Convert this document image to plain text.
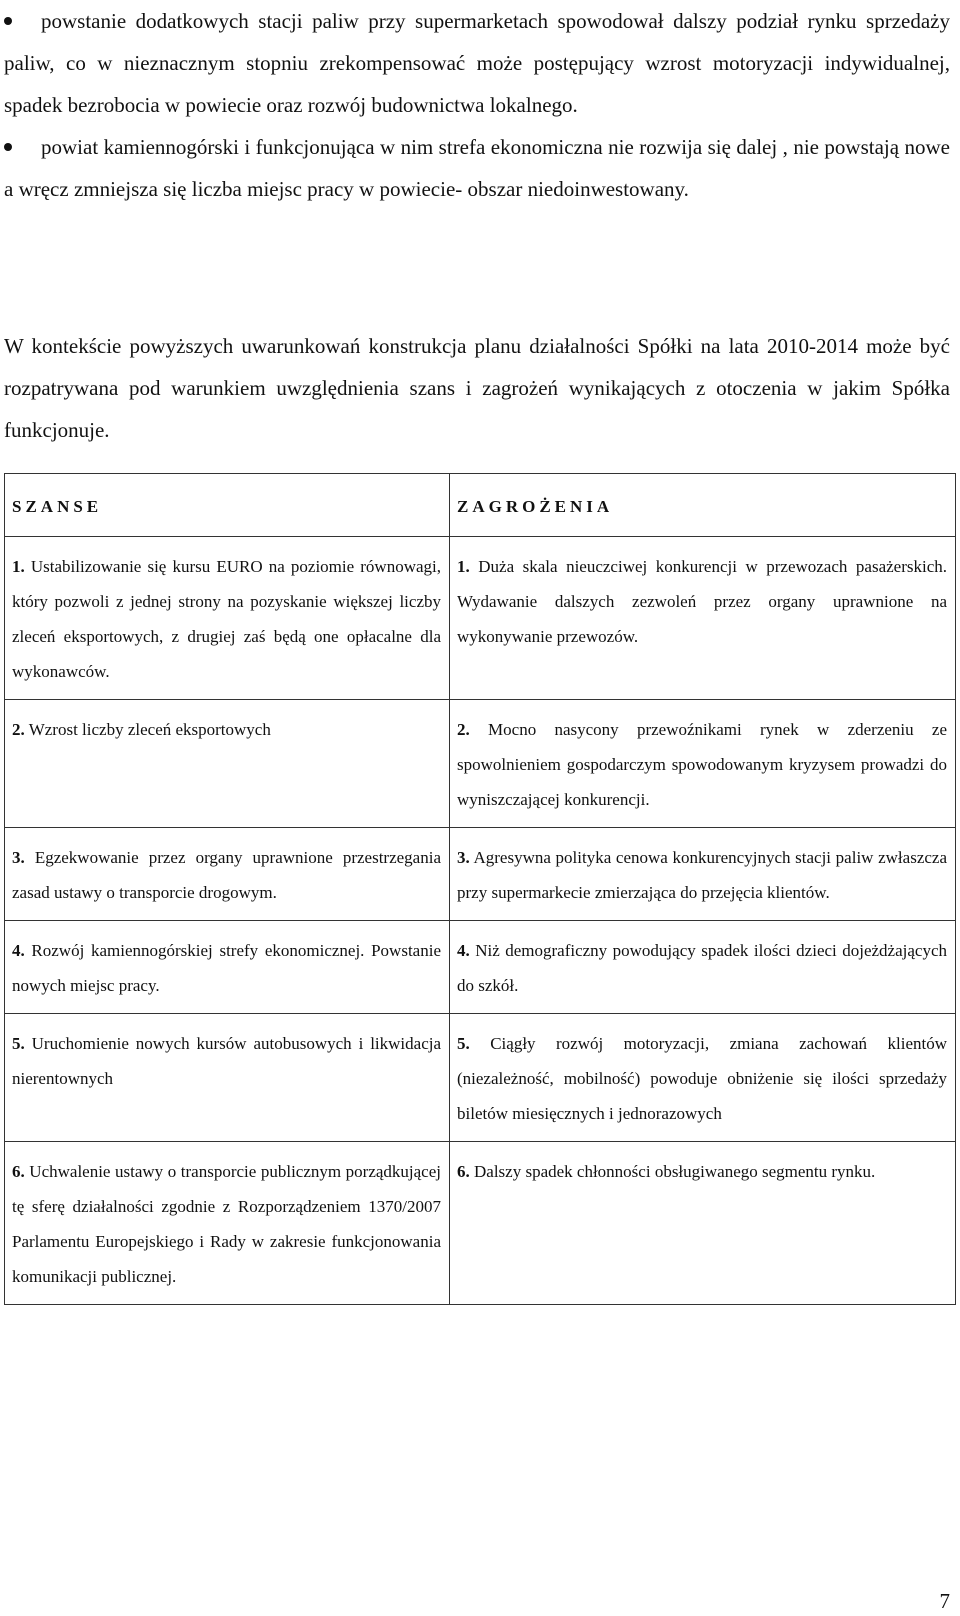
powstanie dodatkowych stacji paliw przy supermarketach spowodował dalszy podział rynku sprzedaży paliw, co w nieznacznym stopniu zrekompensować może postępujący wzrost motoryzacji indywidualnej, spadek bezrobocia w powiecie oraz rozwój budownictwa lokalnego.
powiat kamiennogórski i funkcjonująca w nim strefa ekonomiczna nie rozwija się dalej , nie powstają nowe a wręcz zmniejsza się liczba miejsc pracy w powiecie- obszar niedoinwestowany.

W kontekście powyższych uwarunkowań konstrukcja planu działalności Spółki na lata 2010-2014 może być rozpatrywana pod warunkiem uwzględnienia szans i zagrożeń wynikających z otoczenia w jakim Spółka funkcjonuje.

SZANSE	ZAGROŻENIA
1. Ustabilizowanie się kursu EURO na poziomie równowagi, który pozwoli z jednej strony na pozyskanie większej liczby zleceń eksportowych, z drugiej zaś będą one opłacalne dla wykonawców.	1. Duża skala nieuczciwej konkurencji w przewozach pasażerskich. Wydawanie dalszych zezwoleń przez organy uprawnione na wykonywanie przewozów.
2. Wzrost liczby zleceń eksportowych	2. Mocno nasycony przewoźnikami rynek w zderzeniu ze spowolnieniem gospodarczym spowodowanym kryzysem prowadzi do wyniszczającej konkurencji.
3. Egzekwowanie przez organy uprawnione przestrzegania zasad ustawy o transporcie drogowym.	3. Agresywna polityka cenowa konkurencyjnych stacji paliw zwłaszcza przy supermarkecie zmierzająca do przejęcia klientów.
4. Rozwój kamiennogórskiej strefy ekonomicznej. Powstanie nowych miejsc pracy.	4. Niż demograficzny powodujący spadek ilości dzieci dojeżdżających do szkół.
5. Uruchomienie nowych kursów autobusowych i likwidacja nierentownych	5. Ciągły rozwój motoryzacji, zmiana zachowań klientów (niezależność, mobilność) powoduje obniżenie się ilości sprzedaży biletów miesięcznych i jednorazowych
6. Uchwalenie ustawy o transporcie publicznym porządkującej tę sferę działalności zgodnie z Rozporządzeniem 1370/2007 Parlamentu Europejskiego i Rady w zakresie funkcjonowania komunikacji publicznej.	6. Dalszy spadek chłonności obsługiwanego segmentu rynku.
7
